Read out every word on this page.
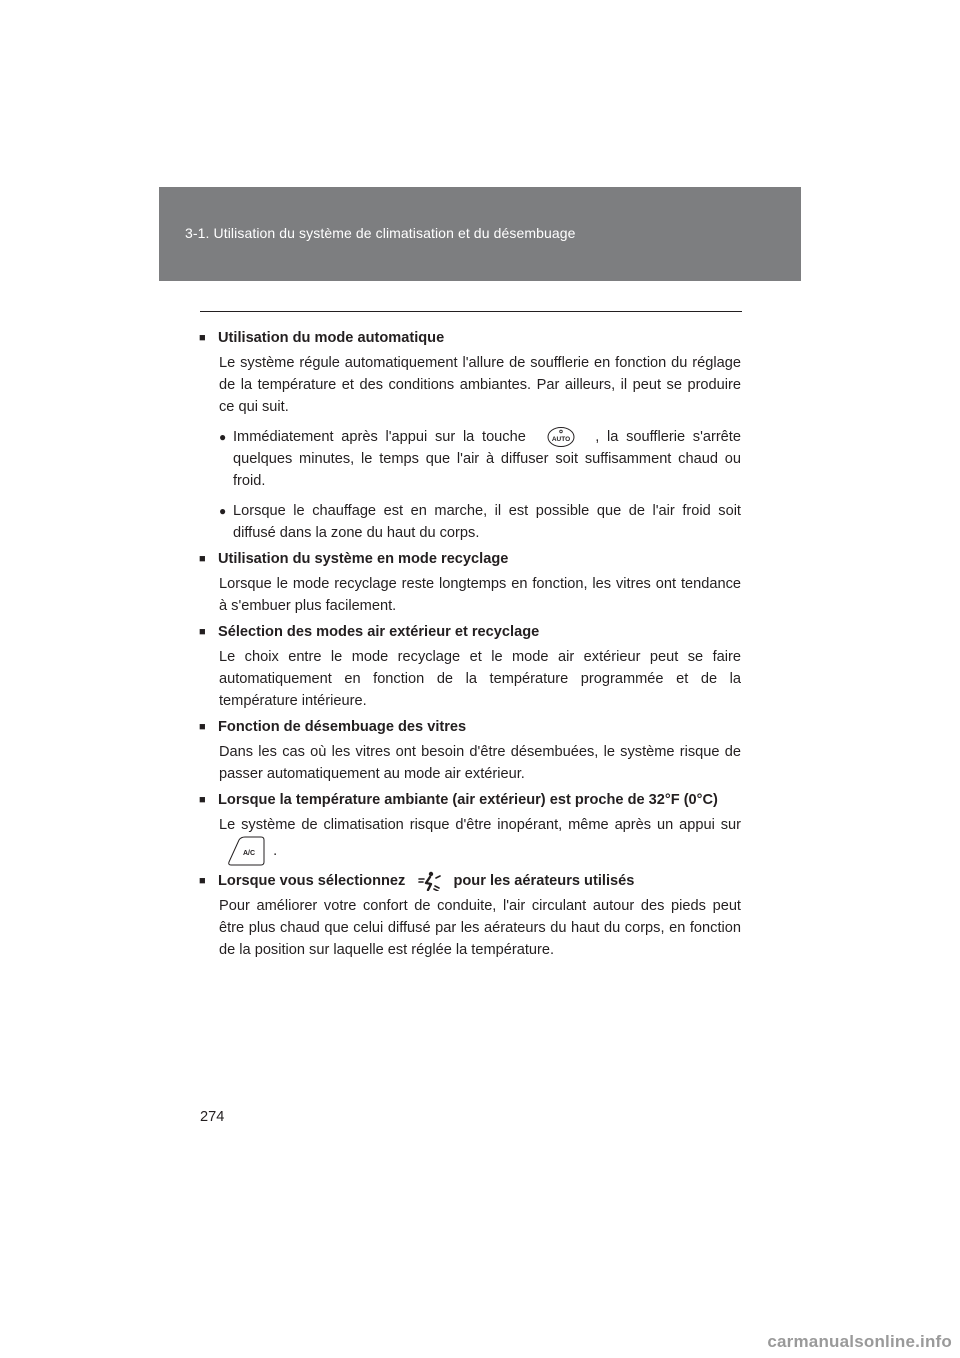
3-1. Utilisation du système de climatisation et du désembuage
■ Utilisation du mode automatique
Le système régule automatiquement l'allure de soufflerie en fonction du réglage de la température et des conditions ambiantes. Par ailleurs, il peut se produire ce qui suit.
● Immédiatement après l'appui sur la touche	AUTO , la soufflerie s'arrête quelques minutes, le temps que l'air à diffuser soit suffisamment chaud ou froid.
● Lorsque le chauffage est en marche, il est possible que de l'air froid soit diffusé dans la zone du haut du corps.
■ Utilisation du système en mode recyclage
Lorsque le mode recyclage reste longtemps en fonction, les vitres ont tendance à s'embuer plus facilement.
■ Sélection des modes air extérieur et recyclage
Le choix entre le mode recyclage et le mode air extérieur peut se faire automatiquement en fonction de la température programmée et de la température intérieure.
■ Fonction de désembuage des vitres
Dans les cas où les vitres ont besoin d'être désembuées, le système risque de passer automatiquement au mode air extérieur.
■ Lorsque la température ambiante (air extérieur) est proche de 32°F (0°C)
Le système de climatisation risque d'être inopérant, même après un appui sur
A/C .
■ Lorsque vous sélectionnez	pour les aérateurs utilisés
Pour améliorer votre confort de conduite, l'air circulant autour des pieds peut être plus chaud que celui diffusé par les aérateurs du haut du corps, en fonction de la position sur laquelle est réglée la température.
274
carmanualsonline.info
